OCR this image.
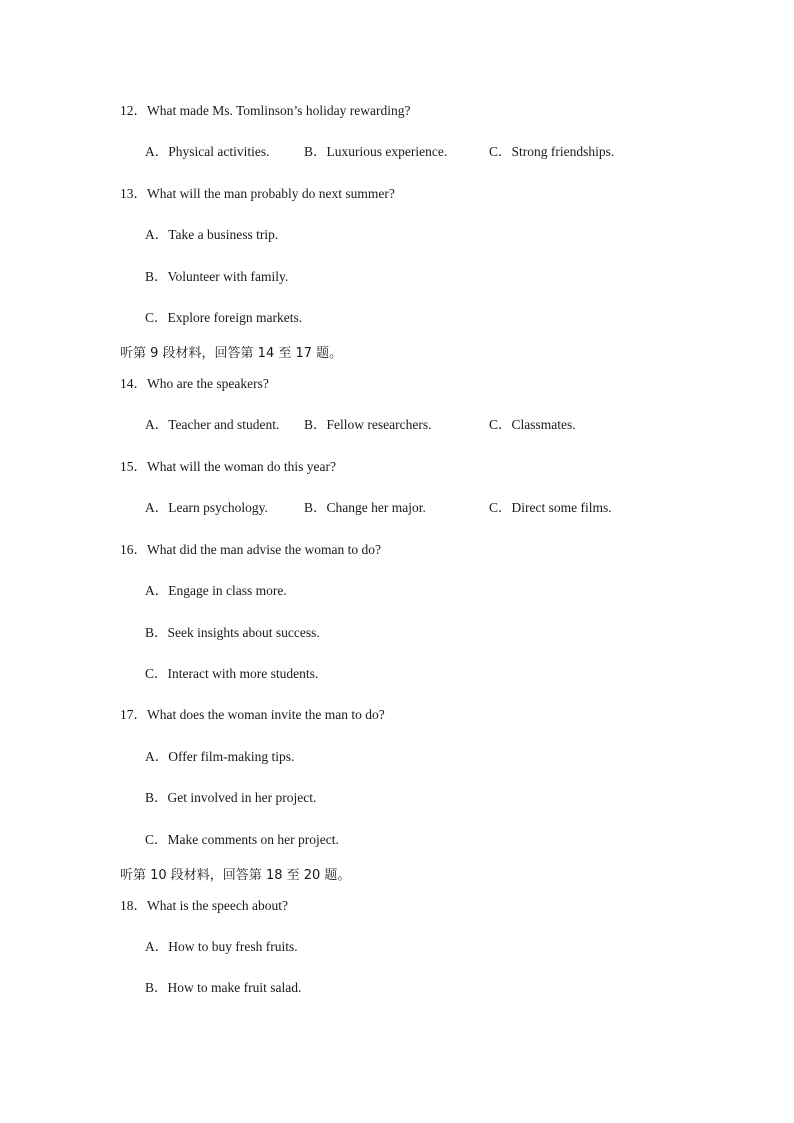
12．What made Ms. Tomlinson’s holiday rewarding?
A．Physical activities.	B．Luxurious experience.	C．Strong friendships.
13．What will the man probably do next summer?
A．Take a business trip.
B．Volunteer with family.
C．Explore foreign markets.
听第 9 段材料，回答第 14 至 17 题。
14．Who are the speakers?
A．Teacher and student. B．Fellow researchers.	C．Classmates.
15．What will the woman do this year?
A．Learn psychology.	B．Change her major.	C．Direct some films.
16．What did the man advise the woman to do?
A．Engage in class more.
B．Seek insights about success.
C．Interact with more students.
17．What does the woman invite the man to do?
A．Offer film-making tips.
B．Get involved in her project.
C．Make comments on her project.
听第 10 段材料，回答第 18 至 20 题。
18．What is the speech about?
A．How to buy fresh fruits.
B．How to make fruit salad.
